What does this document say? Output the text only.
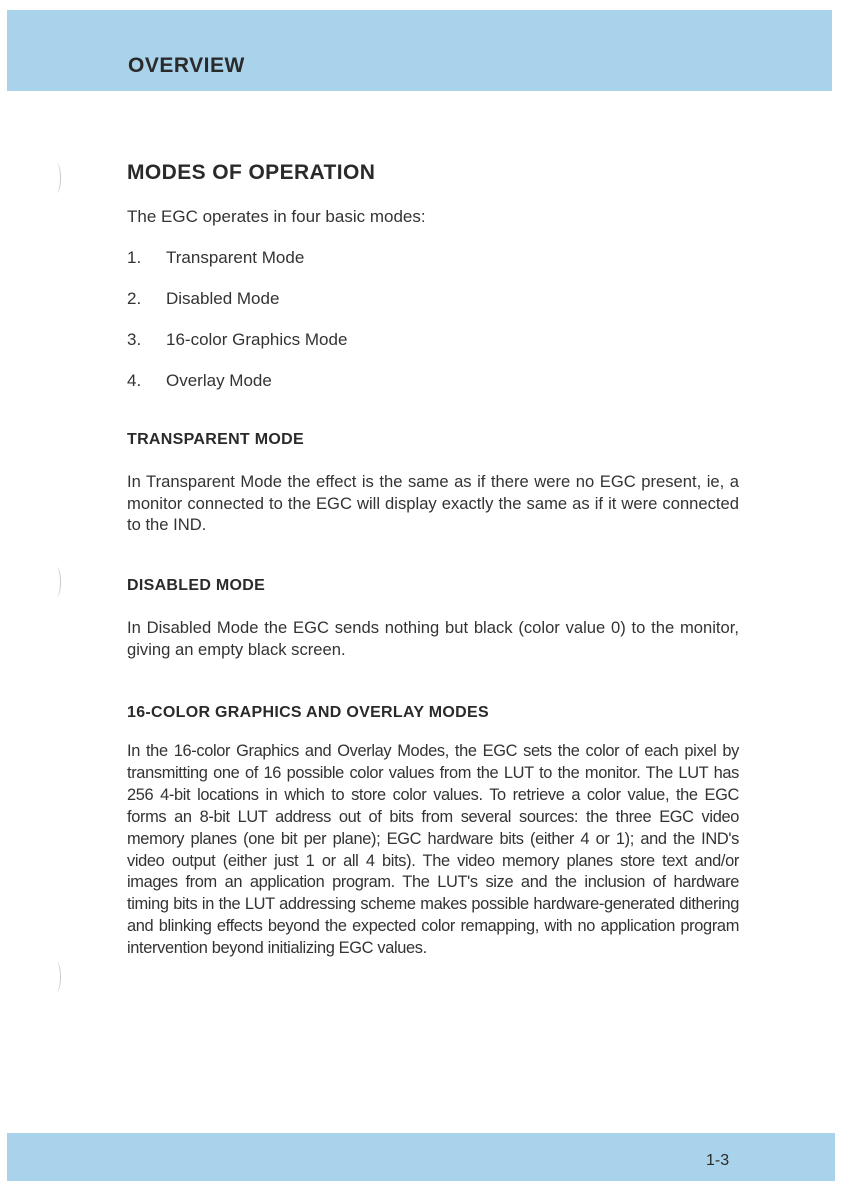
OVERVIEW
MODES OF OPERATION

The EGC operates in four basic modes:

1.	Transparent Mode
2.	Disabled Mode
3.	16-color Graphics Mode
4.	Overlay Mode
TRANSPARENT MODE

In Transparent Mode the effect is the same as if there were no EGC present, ie, a monitor connected to the EGC will display exactly the same as if it were connected to the IND.

DISABLED MODE

In Disabled Mode the EGC sends nothing but black (color value 0) to the monitor, giving an empty black screen.

16-COLOR GRAPHICS AND OVERLAY MODES

In the 16-color Graphics and Overlay Modes, the EGC sets the color of each pixel by transmitting one of 16 possible color values from the LUT to the monitor. The LUT has 256 4-bit locations in which to store color values. To retrieve a color value, the EGC forms an 8-bit LUT address out of bits from several sources: the three EGC video memory planes (one bit per plane); EGC hardware bits (either 4 or 1); and the IND's video output (either just 1 or all 4 bits). The video memory planes store text and/or images from an application program. The LUT's size and the inclusion of hardware timing bits in the LUT addressing scheme makes possible hardware-generated dithering and blinking effects beyond the expected color remapping, with no application program intervention beyond initializing EGC values.

1-3
